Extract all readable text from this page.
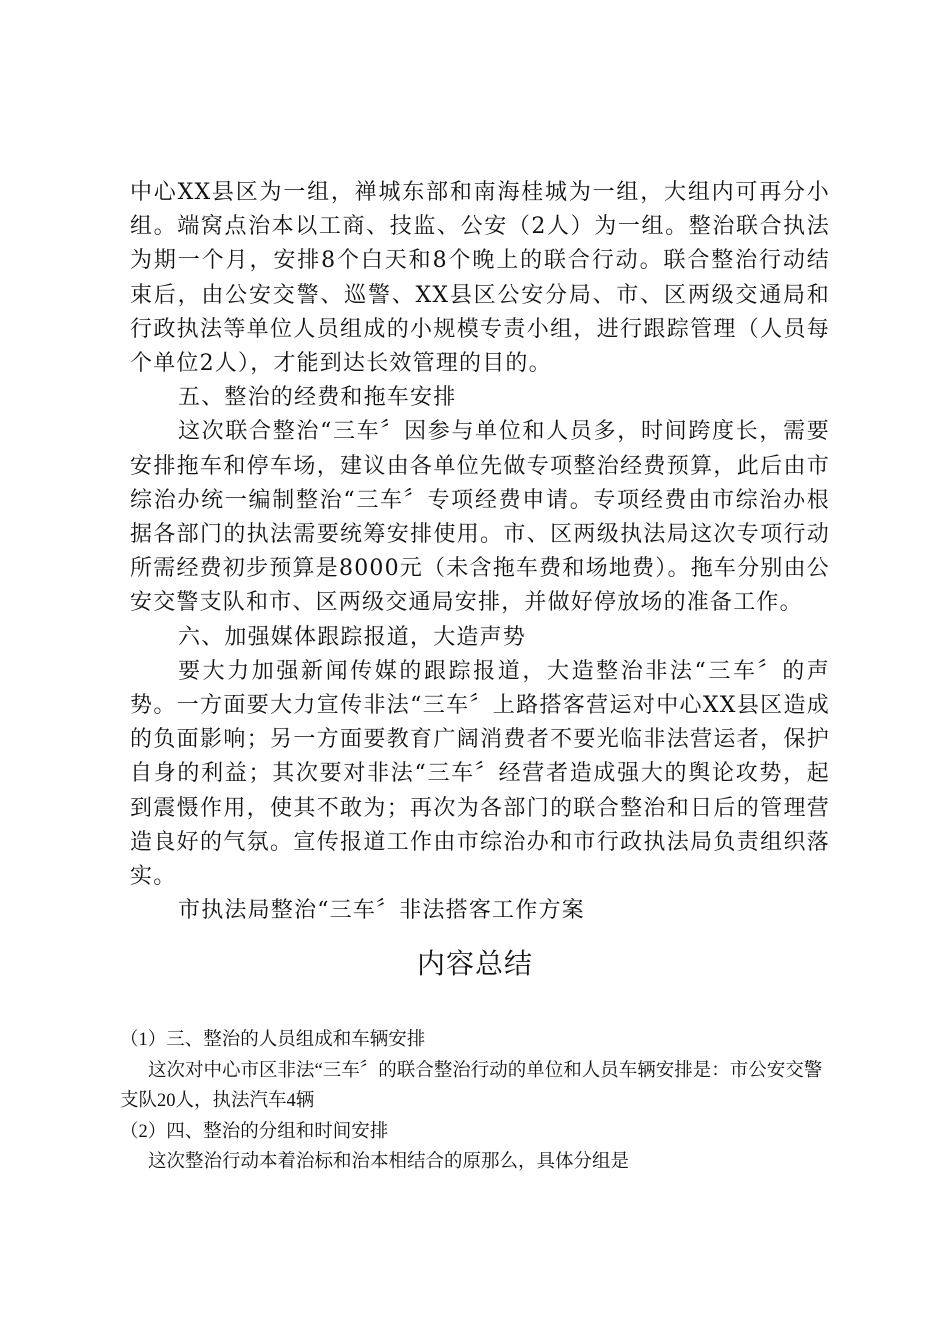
中心XX县区为一组，禅城东部和南海桂城为一组，大组内可再分小组。端窝点治本以工商、技监、公安（2人）为一组。整治联合执法为期一个月，安排8个白天和8个晚上的联合行动。联合整治行动结束后，由公安交警、巡警、XX县区公安分局、市、区两级交通局和行政执法等单位人员组成的小规模专责小组，进行跟踪管理（人员每个单位2人），才能到达长效管理的目的。

五、整治的经费和拖车安排

这次联合整治“三车〞因参与单位和人员多，时间跨度长，需要安排拖车和停车场，建议由各单位先做专项整治经费预算，此后由市综治办统一编制整治“三车〞专项经费申请。专项经费由市综治办根据各部门的执法需要统筹安排使用。市、区两级执法局这次专项行动所需经费初步预算是8000元（未含拖车费和场地费）。拖车分别由公安交警支队和市、区两级交通局安排，并做好停放场的准备工作。

六、加强媒体跟踪报道，大造声势

要大力加强新闻传媒的跟踪报道，大造整治非法“三车〞的声势。一方面要大力宣传非法“三车〞上路搭客营运对中心XX县区造成的负面影响；另一方面要教育广阔消费者不要光临非法营运者，保护自身的利益；其次要对非法“三车〞经营者造成强大的舆论攻势，起到震慑作用，使其不敢为；再次为各部门的联合整治和日后的管理营造良好的气氛。宣传报道工作由市综治办和市行政执法局负责组织落实。

市执法局整治“三车〞非法搭客工作方案

内容总结

（1）三、整治的人员组成和车辆安排

这次对中心市区非法“三车〞的联合整治行动的单位和人员车辆安排是：市公安交警支队20人，执法汽车4辆

（2）四、整治的分组和时间安排

这次整治行动本着治标和治本相结合的原那么，具体分组是
